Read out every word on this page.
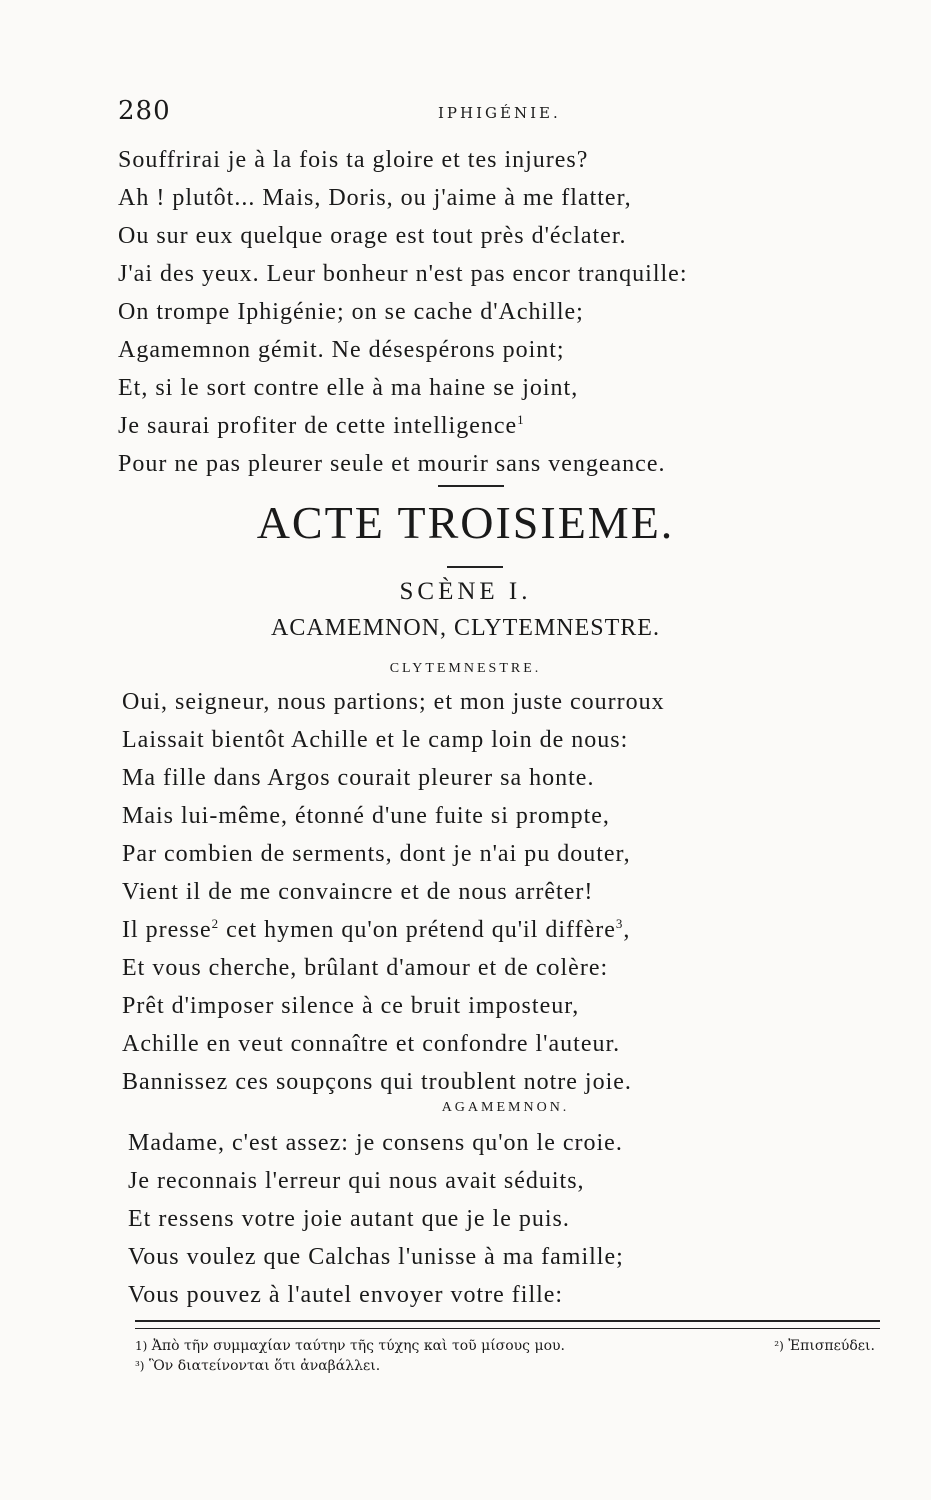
280	IPHIGÉNIE.
Souffrirai je à la fois ta gloire et tes injures?
Ah ! plutôt... Mais, Doris, ou j'aime à me flatter,
Ou sur eux quelque orage est tout près d'éclater.
J'ai des yeux. Leur bonheur n'est pas encor tranquille:
On trompe Iphigénie; on se cache d'Achille;
Agamemnon gémit. Ne désespérons point;
Et, si le sort contre elle à ma haine se joint,
Je saurai profiter de cette intelligence$^1$
Pour ne pas pleurer seule et mourir sans vengeance.
ACTE TROISIEME.
SCÈNE I.
ACAMEMNON, CLYTEMNESTRE.
CLYTEMNESTRE.
Oui, seigneur, nous partions; et mon juste courroux
Laissait bientôt Achille et le camp loin de nous:
Ma fille dans Argos courait pleurer sa honte.
Mais lui-même, étonné d'une fuite si prompte,
Par combien de serments, dont je n'ai pu douter,
Vient il de me convaincre et de nous arrêter!
Il presse$^2$ cet hymen qu'on prétend qu'il diffère$^3$,
Et vous cherche, brûlant d'amour et de colère:
Prêt d'imposer silence à ce bruit imposteur,
Achille en veut connaître et confondre l'auteur.
Bannissez ces soupçons qui troublent notre joie.
AGAMEMNON.
Madame, c'est assez: je consens qu'on le croie.
Je reconnais l'erreur qui nous avait séduits,
Et ressens votre joie autant que je le puis.
Vous voulez que Calchas l'unisse à ma famille;
Vous pouvez à l'autel envoyer votre fille:
1) Ἀπὸ τῆν συμμαχίαν ταύτην τῆς τύχης καὶ τοῦ μίσους μου.	²) Ἐπισπεύδει.
³) Ὃν διατείνονται ὅτι ἀναβάλλει.
